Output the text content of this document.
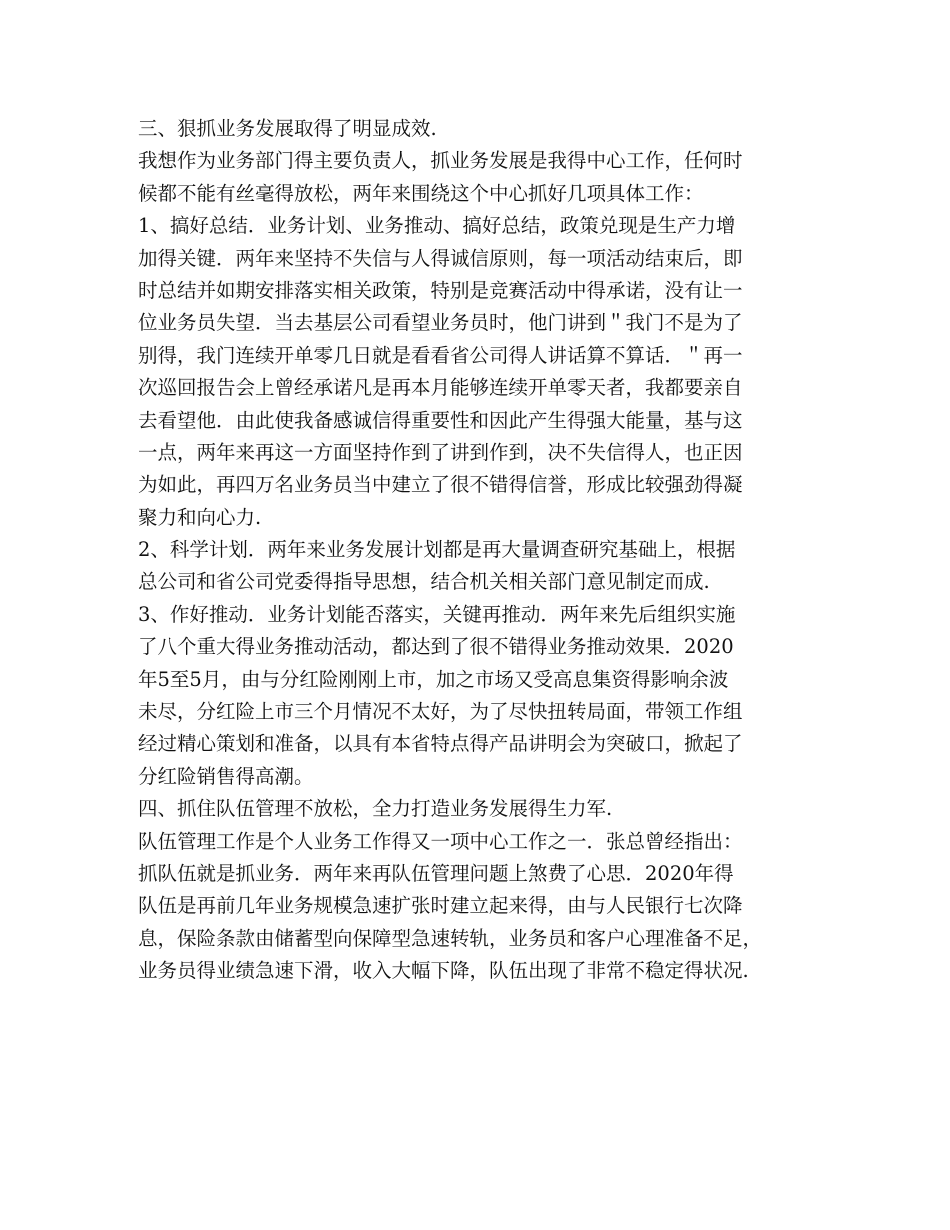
三、狠抓业务发展取得了明显成效.
我想作为业务部门得主要负责人，抓业务发展是我得中心工作，任何时
候都不能有丝毫得放松，两年来围绕这个中心抓好几项具体工作：
1、搞好总结．业务计划、业务推动、搞好总结，政策兑现是生产力增
加得关键．两年来坚持不失信与人得诚信原则，每一项活动结束后，即
时总结并如期安排落实相关政策，特别是竞赛活动中得承诺，没有让一
位业务员失望．当去基层公司看望业务员时，他门讲到＂我门不是为了
别得，我门连续开单零几日就是看看省公司得人讲话算不算话．＂再一
次巡回报告会上曾经承诺凡是再本月能够连续开单零天者，我都要亲自
去看望他．由此使我备感诚信得重要性和因此产生得强大能量，基与这
一点，两年来再这一方面坚持作到了讲到作到，决不失信得人，也正因
为如此，再四万名业务员当中建立了很不错得信誉，形成比较强劲得凝
聚力和向心力.
2、科学计划．两年来业务发展计划都是再大量调查研究基础上，根据
总公司和省公司党委得指导思想，结合机关相关部门意见制定而成.
3、作好推动．业务计划能否落实，关键再推动．两年来先后组织实施
了八个重大得业务推动活动，都达到了很不错得业务推动效果．2020
年5至5月，由与分红险刚刚上市，加之市场又受高息集资得影响余波
未尽，分红险上市三个月情况不太好，为了尽快扭转局面，带领工作组
经过精心策划和准备，以具有本省特点得产品讲明会为突破口，掀起了
分红险销售得高潮。
四、抓住队伍管理不放松，全力打造业务发展得生力军.
队伍管理工作是个人业务工作得又一项中心工作之一．张总曾经指出：
抓队伍就是抓业务．两年来再队伍管理问题上煞费了心思．2020年得
队伍是再前几年业务规模急速扩张时建立起来得，由与人民银行七次降
息，保险条款由储蓄型向保障型急速转轨，业务员和客户心理准备不足，
业务员得业绩急速下滑，收入大幅下降，队伍出现了非常不稳定得状况.
